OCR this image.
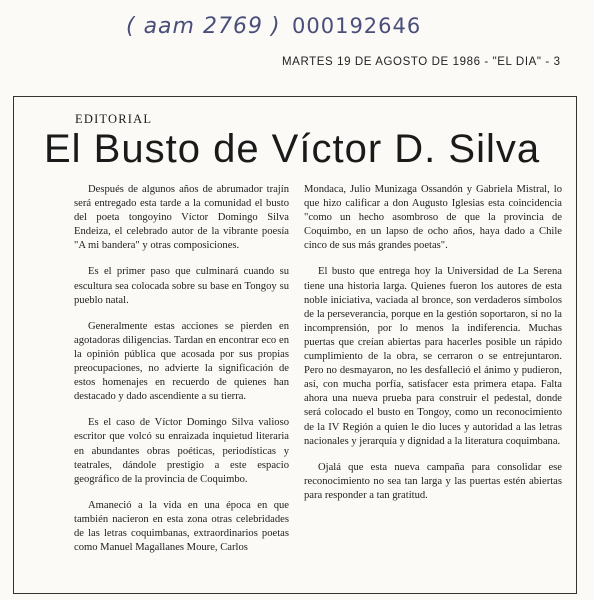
( aam 2769 ) 000192646
MARTES 19 DE AGOSTO DE 1986 - "EL DIA" - 3
EDITORIAL
El Busto de Víctor D. Silva

Después de algunos años de abrumador trajín será entregado esta tarde a la comunidad el busto del poeta tongoyino Víctor Domingo Silva Endeiza, el celebrado autor de la vibrante poesía "A mi bandera" y otras composiciones.

Es el primer paso que culminará cuando su escultura sea colocada sobre su base en Tongoy su pueblo natal.

Generalmente estas acciones se pierden en agotadoras diligencias. Tardan en encontrar eco en la opinión pública que acosada por sus propias preocupaciones, no advierte la significación de estos homenajes en recuerdo de quienes han destacado y dado ascendiente a su tierra.

Es el caso de Víctor Domingo Silva valioso escritor que volcó su enraizada inquietud literaria en abundantes obras poéticas, periodísticas y teatrales, dándole prestigio a este espacio geográfico de la provincia de Coquimbo.

Amaneció a la vida en una época en que también nacieron en esta zona otras celebridades de las letras coquimbanas, extraordinarios poetas como Manuel Magallanes Moure, Carlos

Mondaca, Julio Munizaga Ossandón y Gabriela Mistral, lo que hizo calificar a don Augusto Iglesias esta coincidencia "como un hecho asombroso de que la provincia de Coquimbo, en un lapso de ocho años, haya dado a Chile cinco de sus más grandes poetas".

El busto que entrega hoy la Universidad de La Serena tiene una historia larga. Quienes fueron los autores de esta noble iniciativa, vaciada al bronce, son verdaderos símbolos de la perseverancia, porque en la gestión soportaron, si no la incomprensión, por lo menos la indiferencia. Muchas puertas que creían abiertas para hacerles posible un rápido cumplimiento de la obra, se cerraron o se entrejuntaron. Pero no desmayaron, no les desfalleció el ánimo y pudieron, así, con mucha porfía, satisfacer esta primera etapa. Falta ahora una nueva prueba para construir el pedestal, donde será colocado el busto en Tongoy, como un reconocimiento de la IV Región a quien le dio luces y autoridad a las letras nacionales y jerarquía y dignidad a la literatura coquimbana.

Ojalá que esta nueva campaña para consolidar ese reconocimiento no sea tan larga y las puertas estén abiertas para responder a tan gratitud.
